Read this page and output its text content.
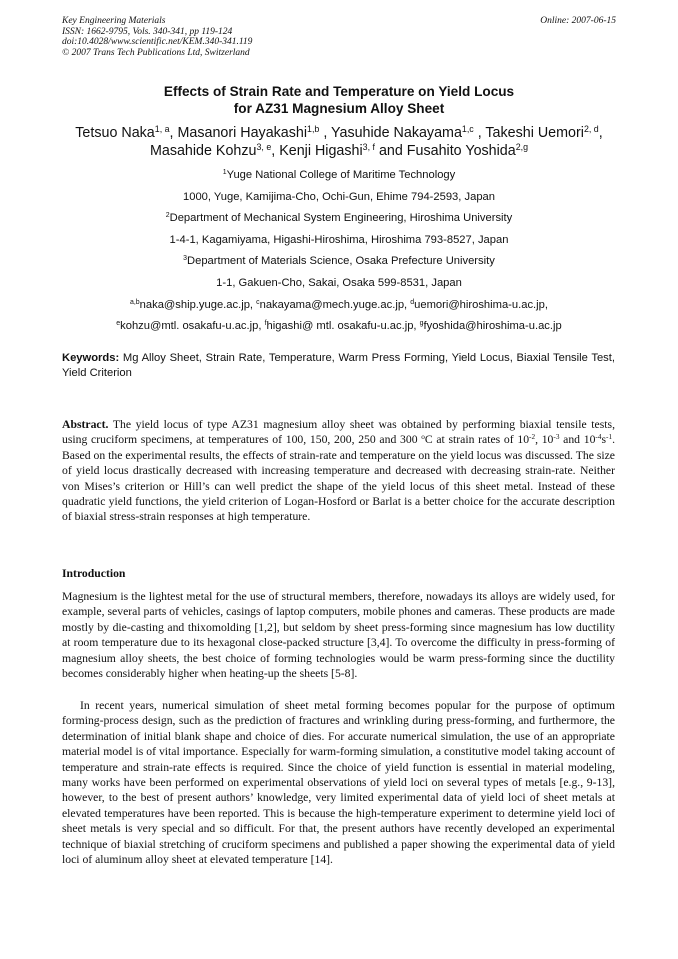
Key Engineering Materials
ISSN: 1662-9795, Vols. 340-341, pp 119-124
doi:10.4028/www.scientific.net/KEM.340-341.119
© 2007 Trans Tech Publications Ltd, Switzerland
Online: 2007-06-15
Effects of Strain Rate and Temperature on Yield Locus
for AZ31 Magnesium Alloy Sheet
Tetsuo Naka$^{1, a}$, Masanori Hayakashi$^{1,b}$ , Yasuhide Nakayama$^{1,c}$ , Takeshi Uemori$^{2, d}$, Masahide Kohzu$^{3, e}$, Kenji Higashi$^{3, f}$ and Fusahito Yoshida$^{2,g}$
$^1$Yuge National College of Maritime Technology
1000, Yuge, Kamijima-Cho, Ochi-Gun, Ehime 794-2593, Japan
$^2$Department of Mechanical System Engineering, Hiroshima University
1-4-1, Kagamiyama, Higashi-Hiroshima, Hiroshima 793-8527, Japan
$^3$Department of Materials Science, Osaka Prefecture University
1-1, Gakuen-Cho, Sakai, Osaka 599-8531, Japan
$^{a,b}$naka@ship.yuge.ac.jp, $^c$nakayama@mech.yuge.ac.jp, $^d$uemori@hiroshima-u.ac.jp,
$^e$kohzu@mtl. osakafu-u.ac.jp, $^f$higashi@ mtl. osakafu-u.ac.jp, $^g$fyoshida@hiroshima-u.ac.jp
Keywords: Mg Alloy Sheet, Strain Rate, Temperature, Warm Press Forming, Yield Locus, Biaxial Tensile Test, Yield Criterion
Abstract. The yield locus of type AZ31 magnesium alloy sheet was obtained by performing biaxial tensile tests, using cruciform specimens, at temperatures of 100, 150, 200, 250 and 300 $^o$C at strain rates of $10^{-2}$, $10^{-3}$ and $10^{-4}s^{-1}$. Based on the experimental results, the effects of strain-rate and temperature on the yield locus was discussed. The size of yield locus drastically decreased with increasing temperature and decreased with decreasing strain-rate. Neither von Mises’s criterion or Hill’s can well predict the shape of the yield locus of this sheet metal. Instead of these quadratic yield functions, the yield criterion of Logan-Hosford or Barlat is a better choice for the accurate description of biaxial stress-strain responses at high temperature.
Introduction
Magnesium is the lightest metal for the use of structural members, therefore, nowadays its alloys are widely used, for example, several parts of vehicles, casings of laptop computers, mobile phones and cameras. These products are made mostly by die-casting and thixomolding [1,2], but seldom by sheet press-forming since magnesium has low ductility at room temperature due to its hexagonal close-packed structure [3,4]. To overcome the difficulty in press-forming of magnesium alloy sheets, the best choice of forming technologies would be warm press-forming since the ductility becomes considerably higher when heating-up the sheets [5-8].
In recent years, numerical simulation of sheet metal forming becomes popular for the purpose of optimum forming-process design, such as the prediction of fractures and wrinkling during press-forming, and furthermore, the determination of initial blank shape and choice of dies. For accurate numerical simulation, the use of an appropriate material model is of vital importance. Especially for warm-forming simulation, a constitutive model taking account of temperature and strain-rate effects is required. Since the choice of yield function is essential in material modeling, many works have been performed on experimental observations of yield loci on several types of metals [e.g., 9-13], however, to the best of present authors’ knowledge, very limited experimental data of yield loci of sheet metals at elevated temperatures have been reported. This is because the high-temperature experiment to determine yield loci of sheet metals is very special and so difficult. For that, the present authors have recently developed an experimental technique of biaxial stretching of cruciform specimens and published a paper showing the experimental data of yield loci of aluminum alloy sheet at elevated temperature [14].
